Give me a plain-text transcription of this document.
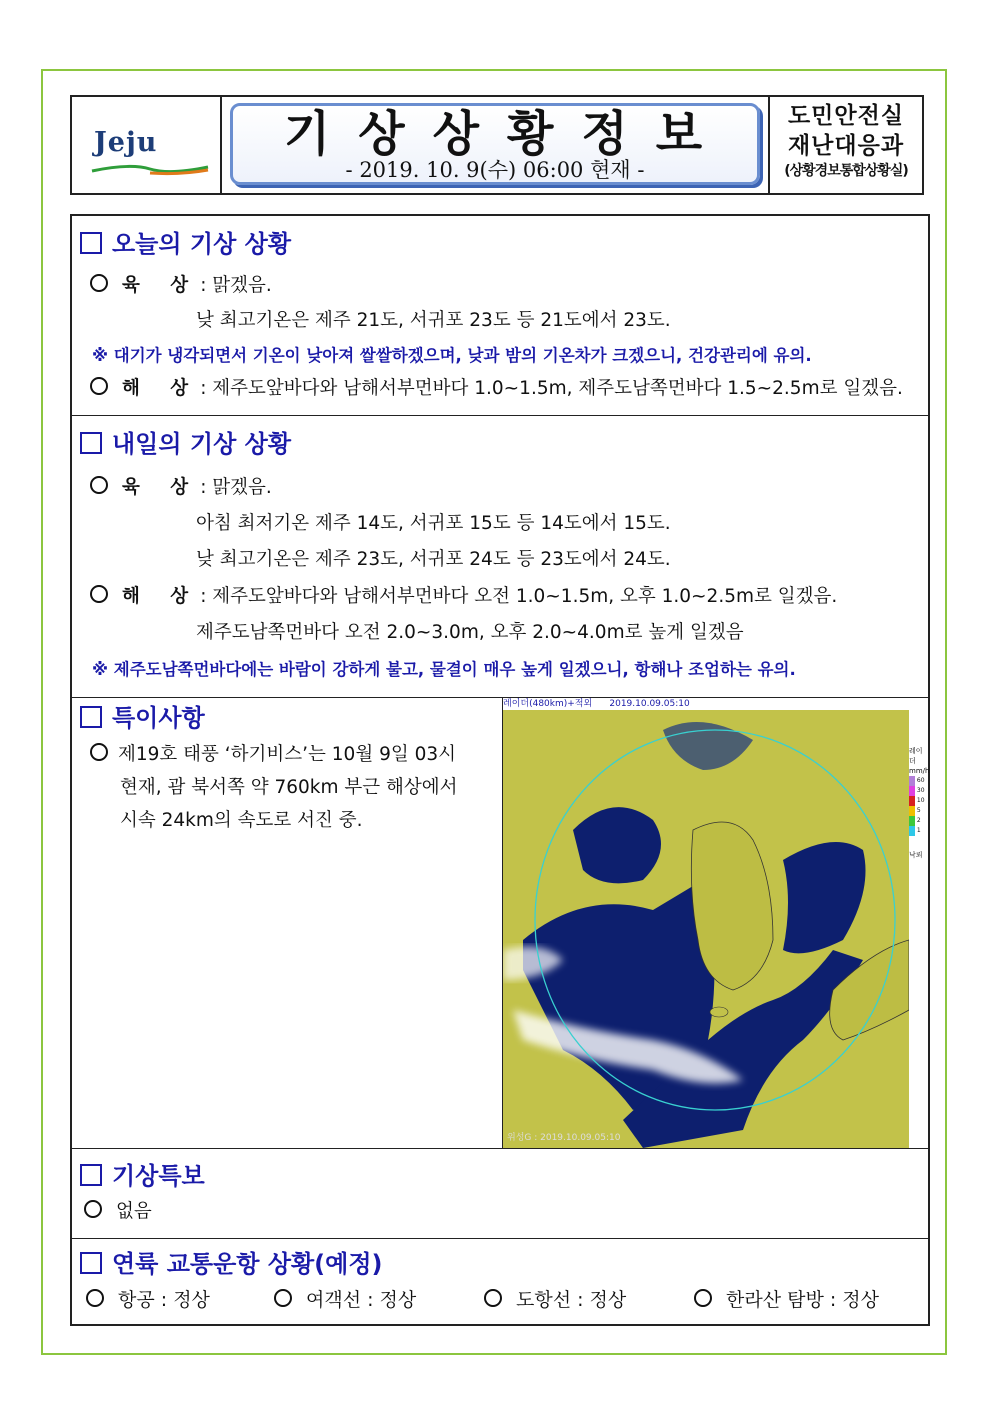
Jeju	기상상황정보
- 2019. 10. 9(수) 06:00 현재 -
도민안전실
재난대응과
(상황경보통합상황실)
오늘의 기상 상황
육 상: 맑겠음.
낮 최고기온은 제주 21도, 서귀포 23도 등 21도에서 23도.
※ 대기가 냉각되면서 기온이 낮아져 쌀쌀하겠으며, 낮과 밤의 기온차가 크겠으니, 건강관리에 유의.
해 상: 제주도앞바다와 남해서부먼바다 1.0~1.5m, 제주도남쪽먼바다 1.5~2.5m로 일겠음.
내일의 기상 상황
육 상: 맑겠음.
아침 최저기온 제주 14도, 서귀포 15도 등 14도에서 15도.
낮 최고기온은 제주 23도, 서귀포 24도 등 23도에서 24도.
해 상: 제주도앞바다와 남해서부먼바다 오전 1.0~1.5m, 오후 1.0~2.5m로 일겠음.
제주도남쪽먼바다 오전 2.0~3.0m, 오후 2.0~4.0m로 높게 일겠음
※ 제주도남쪽먼바다에는 바람이 강하게 불고, 물결이 매우 높게 일겠으니, 항해나 조업하는 유의.
특이사항
제19호 태풍 ‘하기비스’는 10월 9일 03시
현재, 괌 북서쪽 약 760km 부근 해상에서
시속 24km의 속도로 서진 중.
레이더(480km)+적외 2019.10.09.05:10
레이더
mm/h
60
30
10
5
2
1
낙뢰
위성G : 2019.10.09.05:10
기상특보
없음
연륙 교통운항 상황(예정)
항공 : 정상	여객선 : 정상	도항선 : 정상	한라산 탐방 : 정상
